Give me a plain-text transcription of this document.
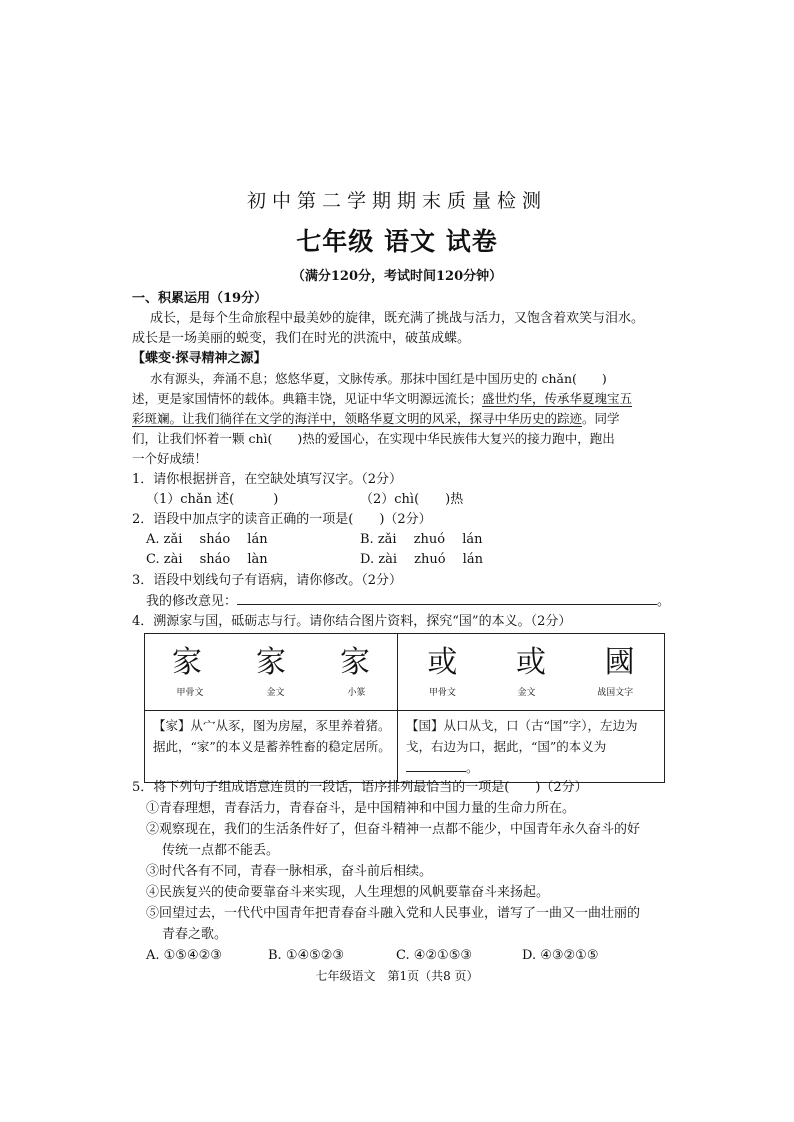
初中第二学期期末质量检测
七年级 语文 试卷
（满分120分，考试时间120分钟）
一、积累运用（19分）
成长，是每个生命旅程中最美妙的旋律，既充满了挑战与活力，又饱含着欢笑与泪水。
成长是一场美丽的蜕变，我们在时光的洪流中，破茧成蝶。
【蝶变·探寻精神之源】
水有源头，奔涌不息；悠悠华夏，文脉传承。那抹中国红是中国历史的 chǎn(　　)
述，更是家国情怀的载体。典籍丰饶，见证中华文明源远流长；盛世灼华，传承华夏瑰宝五
彩斑斓。让我们徜徉在文学的海洋中，领略华夏文明的风采，探寻中华历史的踪迹。同学
们，让我们怀着一颗 chì(　　)热的爱国心，在实现中华民族伟大复兴的接力跑中，跑出
一个好成绩！
1．请你根据拼音，在空缺处填写汉字。（2分）
（1）chǎn 述(　　　)	（2）chì(　　)热
2．语段中加点字的读音正确的一项是(　　)（2分）
A. zǎi　 sháo　 lán	B. zǎi　 zhuó　 lán
C. zài　 sháo　 làn	D. zài　 zhuó　 lán
3．语段中划线句子有语病，请你修改。（2分）
我的修改意见：	。
4．溯源家与国，砥砺志与行。请你结合图片资料，探究“国”的本义。（2分）
家 家 家
甲骨文	金文	小篆
【家】从宀从豕，图为房屋，豕里养着猪。据此，“家”的本义是蓄养牲畜的稳定居所。

或 或 國
甲骨文	金文	战国文字
【国】从口从戈，口（古“国”字），左边为戈，右边为口，据此，“国”的本义为。
5．将下列句子组成语意连贯的一段话，语序排列最恰当的一项是(　　)（2分）
①青春理想，青春活力，青春奋斗，是中国精神和中国力量的生命力所在。
②观察现在，我们的生活条件好了，但奋斗精神一点都不能少，中国青年永久奋斗的好
传统一点都不能丢。
③时代各有不同，青春一脉相承，奋斗前后相续。
④民族复兴的使命要靠奋斗来实现，人生理想的风帆要靠奋斗来扬起。
⑤回望过去，一代代中国青年把青春奋斗融入党和人民事业，谱写了一曲又一曲壮丽的
青春之歌。
A. ①⑤④②③	B. ①④⑤②③	C. ④②①⑤③	D. ④③②①⑤
七年级语文　第1页（共8 页）
